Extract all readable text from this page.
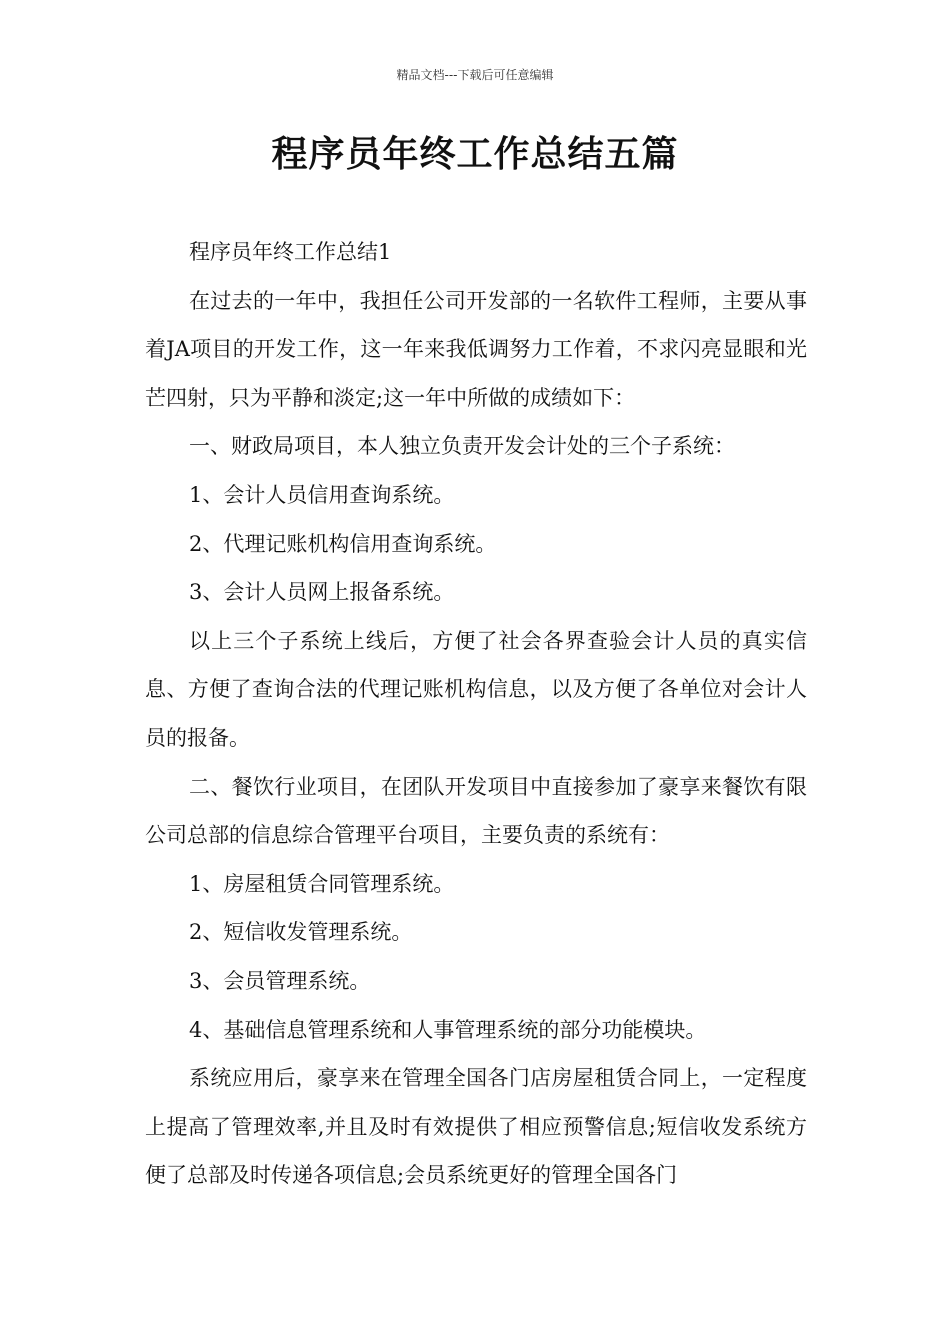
精品文档---下载后可任意编辑
程序员年终工作总结五篇

程序员年终工作总结1

在过去的一年中，我担任公司开发部的一名软件工程师，主要从事着JA项目的开发工作，这一年来我低调努力工作着，不求闪亮显眼和光芒四射，只为平静和淡定;这一年中所做的成绩如下：

一、财政局项目，本人独立负责开发会计处的三个子系统：

1、会计人员信用查询系统。

2、代理记账机构信用查询系统。

3、会计人员网上报备系统。

以上三个子系统上线后，方便了社会各界查验会计人员的真实信息、方便了查询合法的代理记账机构信息，以及方便了各单位对会计人员的报备。

二、餐饮行业项目，在团队开发项目中直接参加了豪享来餐饮有限公司总部的信息综合管理平台项目，主要负责的系统有：

1、房屋租赁合同管理系统。

2、短信收发管理系统。

3、会员管理系统。

4、基础信息管理系统和人事管理系统的部分功能模块。

系统应用后，豪享来在管理全国各门店房屋租赁合同上，一定程度上提高了管理效率,并且及时有效提供了相应预警信息;短信收发系统方便了总部及时传递各项信息;会员系统更好的管理全国各门
